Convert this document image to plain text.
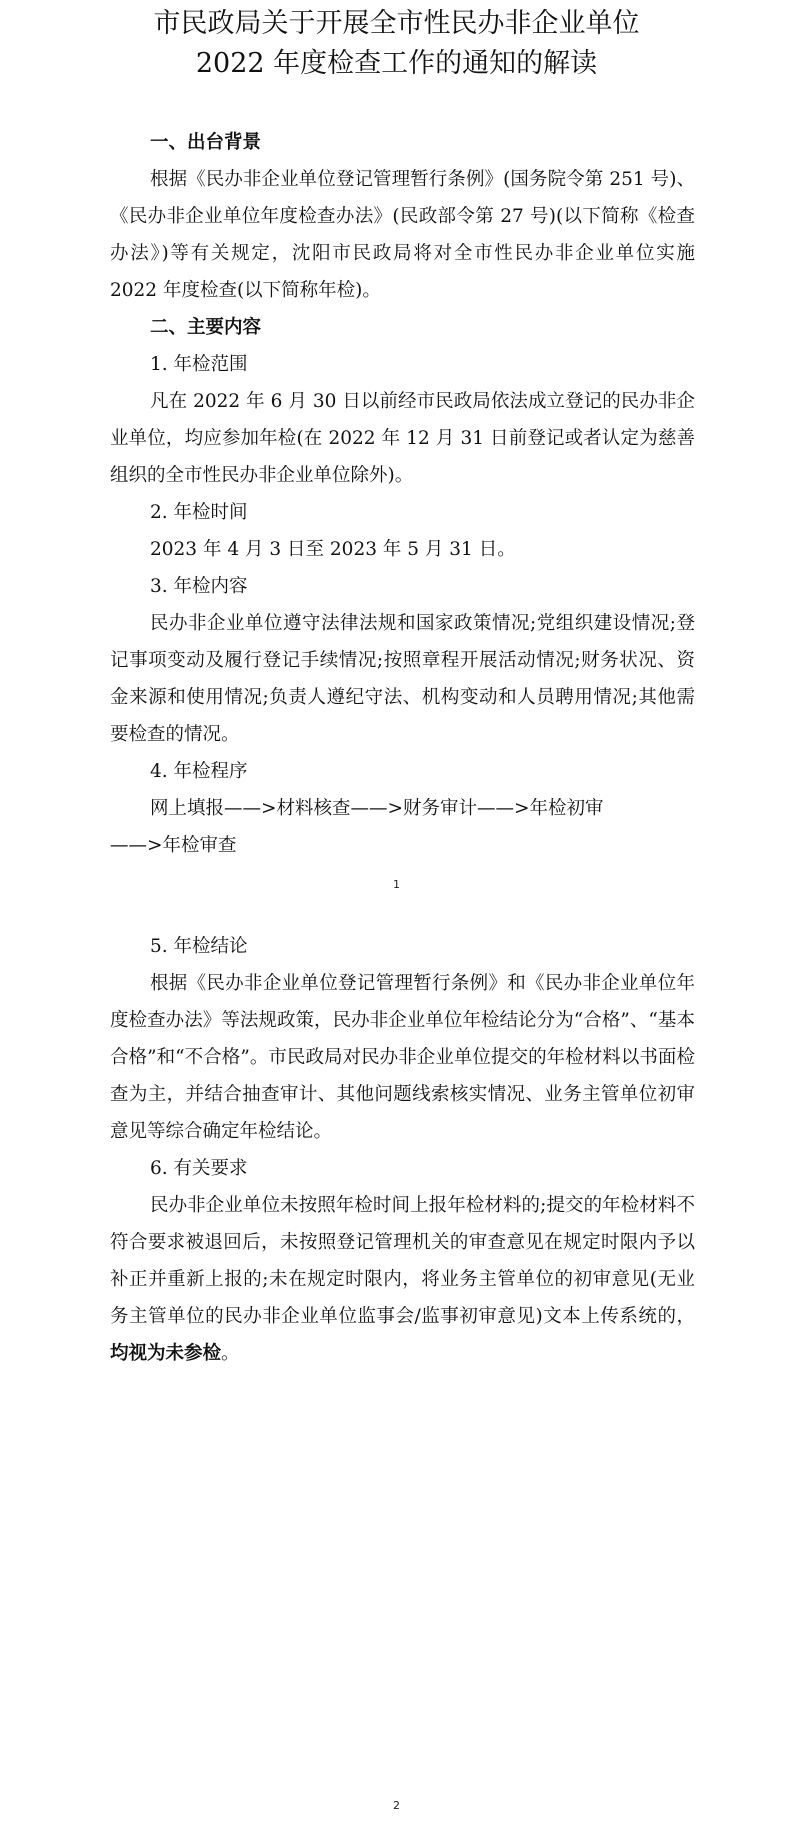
市民政局关于开展全市性民办非企业单位
2022 年度检查工作的通知的解读

一、出台背景

根据《民办非企业单位登记管理暂行条例》(国务院令第 251 号)、《民办非企业单位年度检查办法》(民政部令第 27 号)(以下简称《检查办法》)等有关规定，沈阳市民政局将对全市性民办非企业单位实施 2022 年度检查(以下简称年检)。

二、主要内容

1. 年检范围

凡在 2022 年 6 月 30 日以前经市民政局依法成立登记的民办非企业单位，均应参加年检(在 2022 年 12 月 31 日前登记或者认定为慈善组织的全市性民办非企业单位除外)。

2. 年检时间

2023 年 4 月 3 日至 2023 年 5 月 31 日。

3. 年检内容

民办非企业单位遵守法律法规和国家政策情况;党组织建设情况;登记事项变动及履行登记手续情况;按照章程开展活动情况;财务状况、资金来源和使用情况;负责人遵纪守法、机构变动和人员聘用情况;其他需要检查的情况。

4. 年检程序

网上填报——>材料核查——>财务审计——>年检初审

——>年检审查

1

5. 年检结论

根据《民办非企业单位登记管理暂行条例》和《民办非企业单位年度检查办法》等法规政策，民办非企业单位年检结论分为“合格”、“基本合格”和“不合格”。市民政局对民办非企业单位提交的年检材料以书面检查为主，并结合抽查审计、其他问题线索核实情况、业务主管单位初审意见等综合确定年检结论。

6. 有关要求

民办非企业单位未按照年检时间上报年检材料的;提交的年检材料不符合要求被退回后，未按照登记管理机关的审查意见在规定时限内予以补正并重新上报的;未在规定时限内，将业务主管单位的初审意见(无业务主管单位的民办非企业单位监事会/监事初审意见)文本上传系统的，均视为未参检。

2
